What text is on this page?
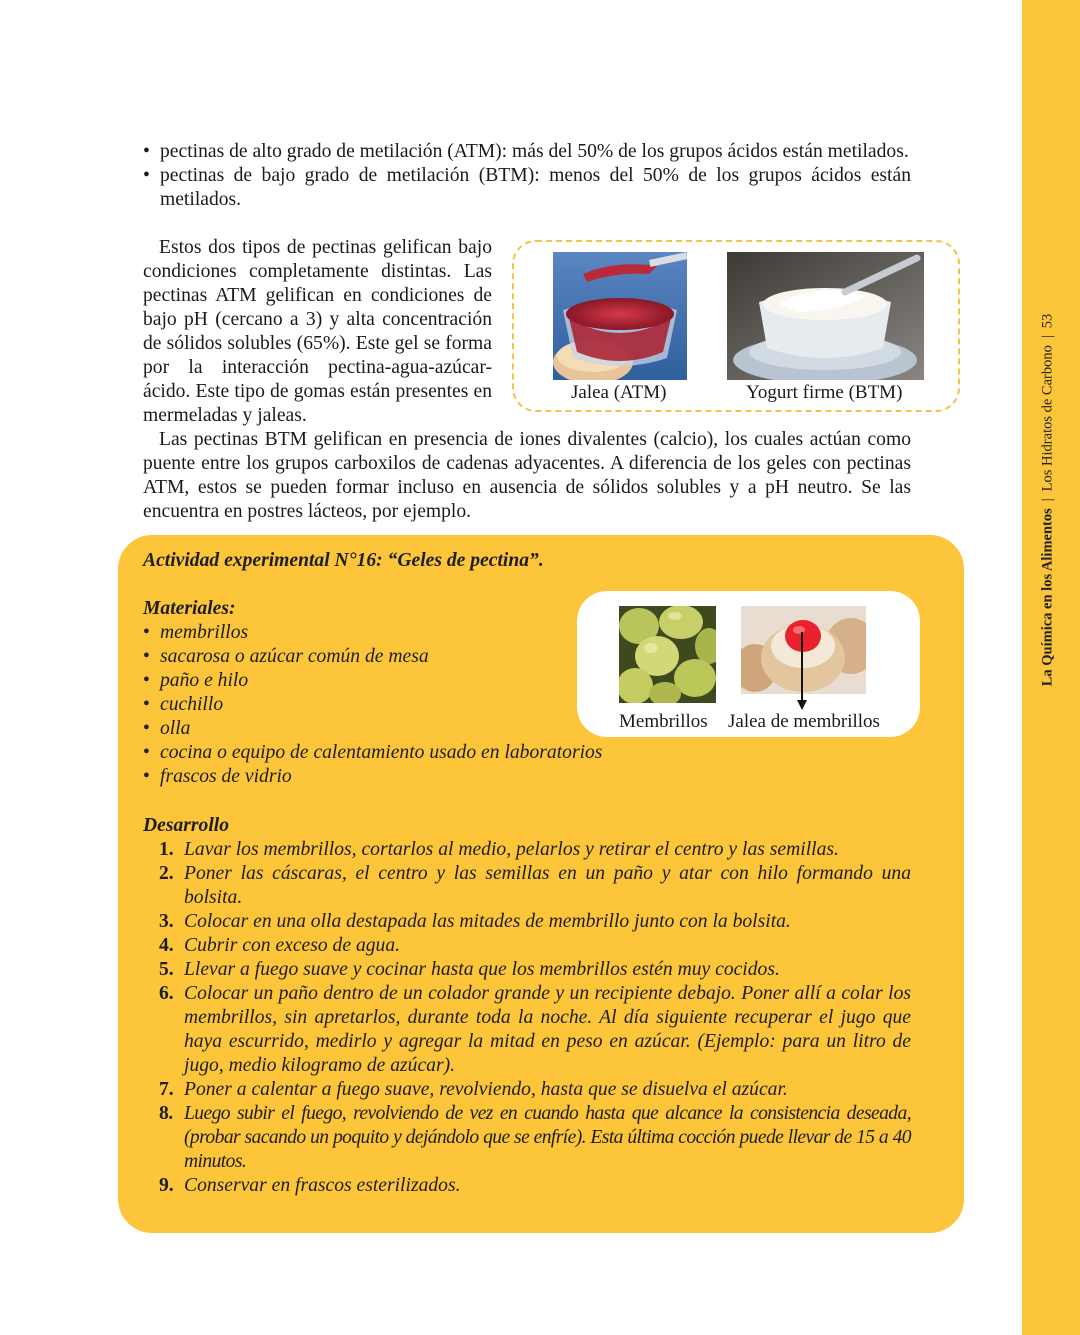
La Química en los Alimentos|Los Hidratos de Carbono|53
• pectinas de alto grado de metilación (ATM): más del 50% de los grupos ácidos están metilados.
• pectinas de bajo grado de metilación (BTM): menos del 50% de los grupos ácidos están metilados.
Estos dos tipos de pectinas gelifican bajo condiciones completamente distintas. Las pectinas ATM gelifican en condiciones de bajo pH (cercano a 3) y alta concentración de sólidos solubles (65%). Este gel se forma por la interacción pectina-agua-azúcar-ácido. Este tipo de gomas están presentes en mermeladas y jaleas.
Jalea (ATM)	Yogurt firme (BTM)
Las pectinas BTM gelifican en presencia de iones divalentes (calcio), los cuales actúan como puente entre los grupos carboxilos de cadenas adyacentes. A diferencia de los geles con pectinas ATM, estos se pueden formar incluso en ausencia de sólidos solubles y a pH neutro. Se las encuentra en postres lácteos, por ejemplo.
Actividad experimental N°16: “Geles de pectina”.
Materiales:
• membrillos
• sacarosa o azúcar común de mesa
• paño e hilo
• cuchillo
• olla
• cocina o equipo de calentamiento usado en laboratorios
• frascos de vidrio
Membrillos Jalea de membrillos
Desarrollo
1. Lavar los membrillos, cortarlos al medio, pelarlos y retirar el centro y las semillas.
2. Poner las cáscaras, el centro y las semillas en un paño y atar con hilo formando una bolsita.
3. Colocar en una olla destapada las mitades de membrillo junto con la bolsita.
4. Cubrir con exceso de agua.
5. Llevar a fuego suave y cocinar hasta que los membrillos estén muy cocidos.
6. Colocar un paño dentro de un colador grande y un recipiente debajo. Poner allí a colar los membrillos, sin apretarlos, durante toda la noche. Al día siguiente recuperar el jugo que haya escurrido, medirlo y agregar la mitad en peso en azúcar. (Ejemplo: para un litro de jugo, medio kilogramo de azúcar).
7. Poner a calentar a fuego suave, revolviendo, hasta que se disuelva el azúcar.
8. Luego subir el fuego, revolviendo de vez en cuando hasta que alcance la consistencia deseada, (probar sacando un poquito y dejándolo que se enfríe). Esta última cocción puede llevar de 15 a 40 minutos.
9. Conservar en frascos esterilizados.
